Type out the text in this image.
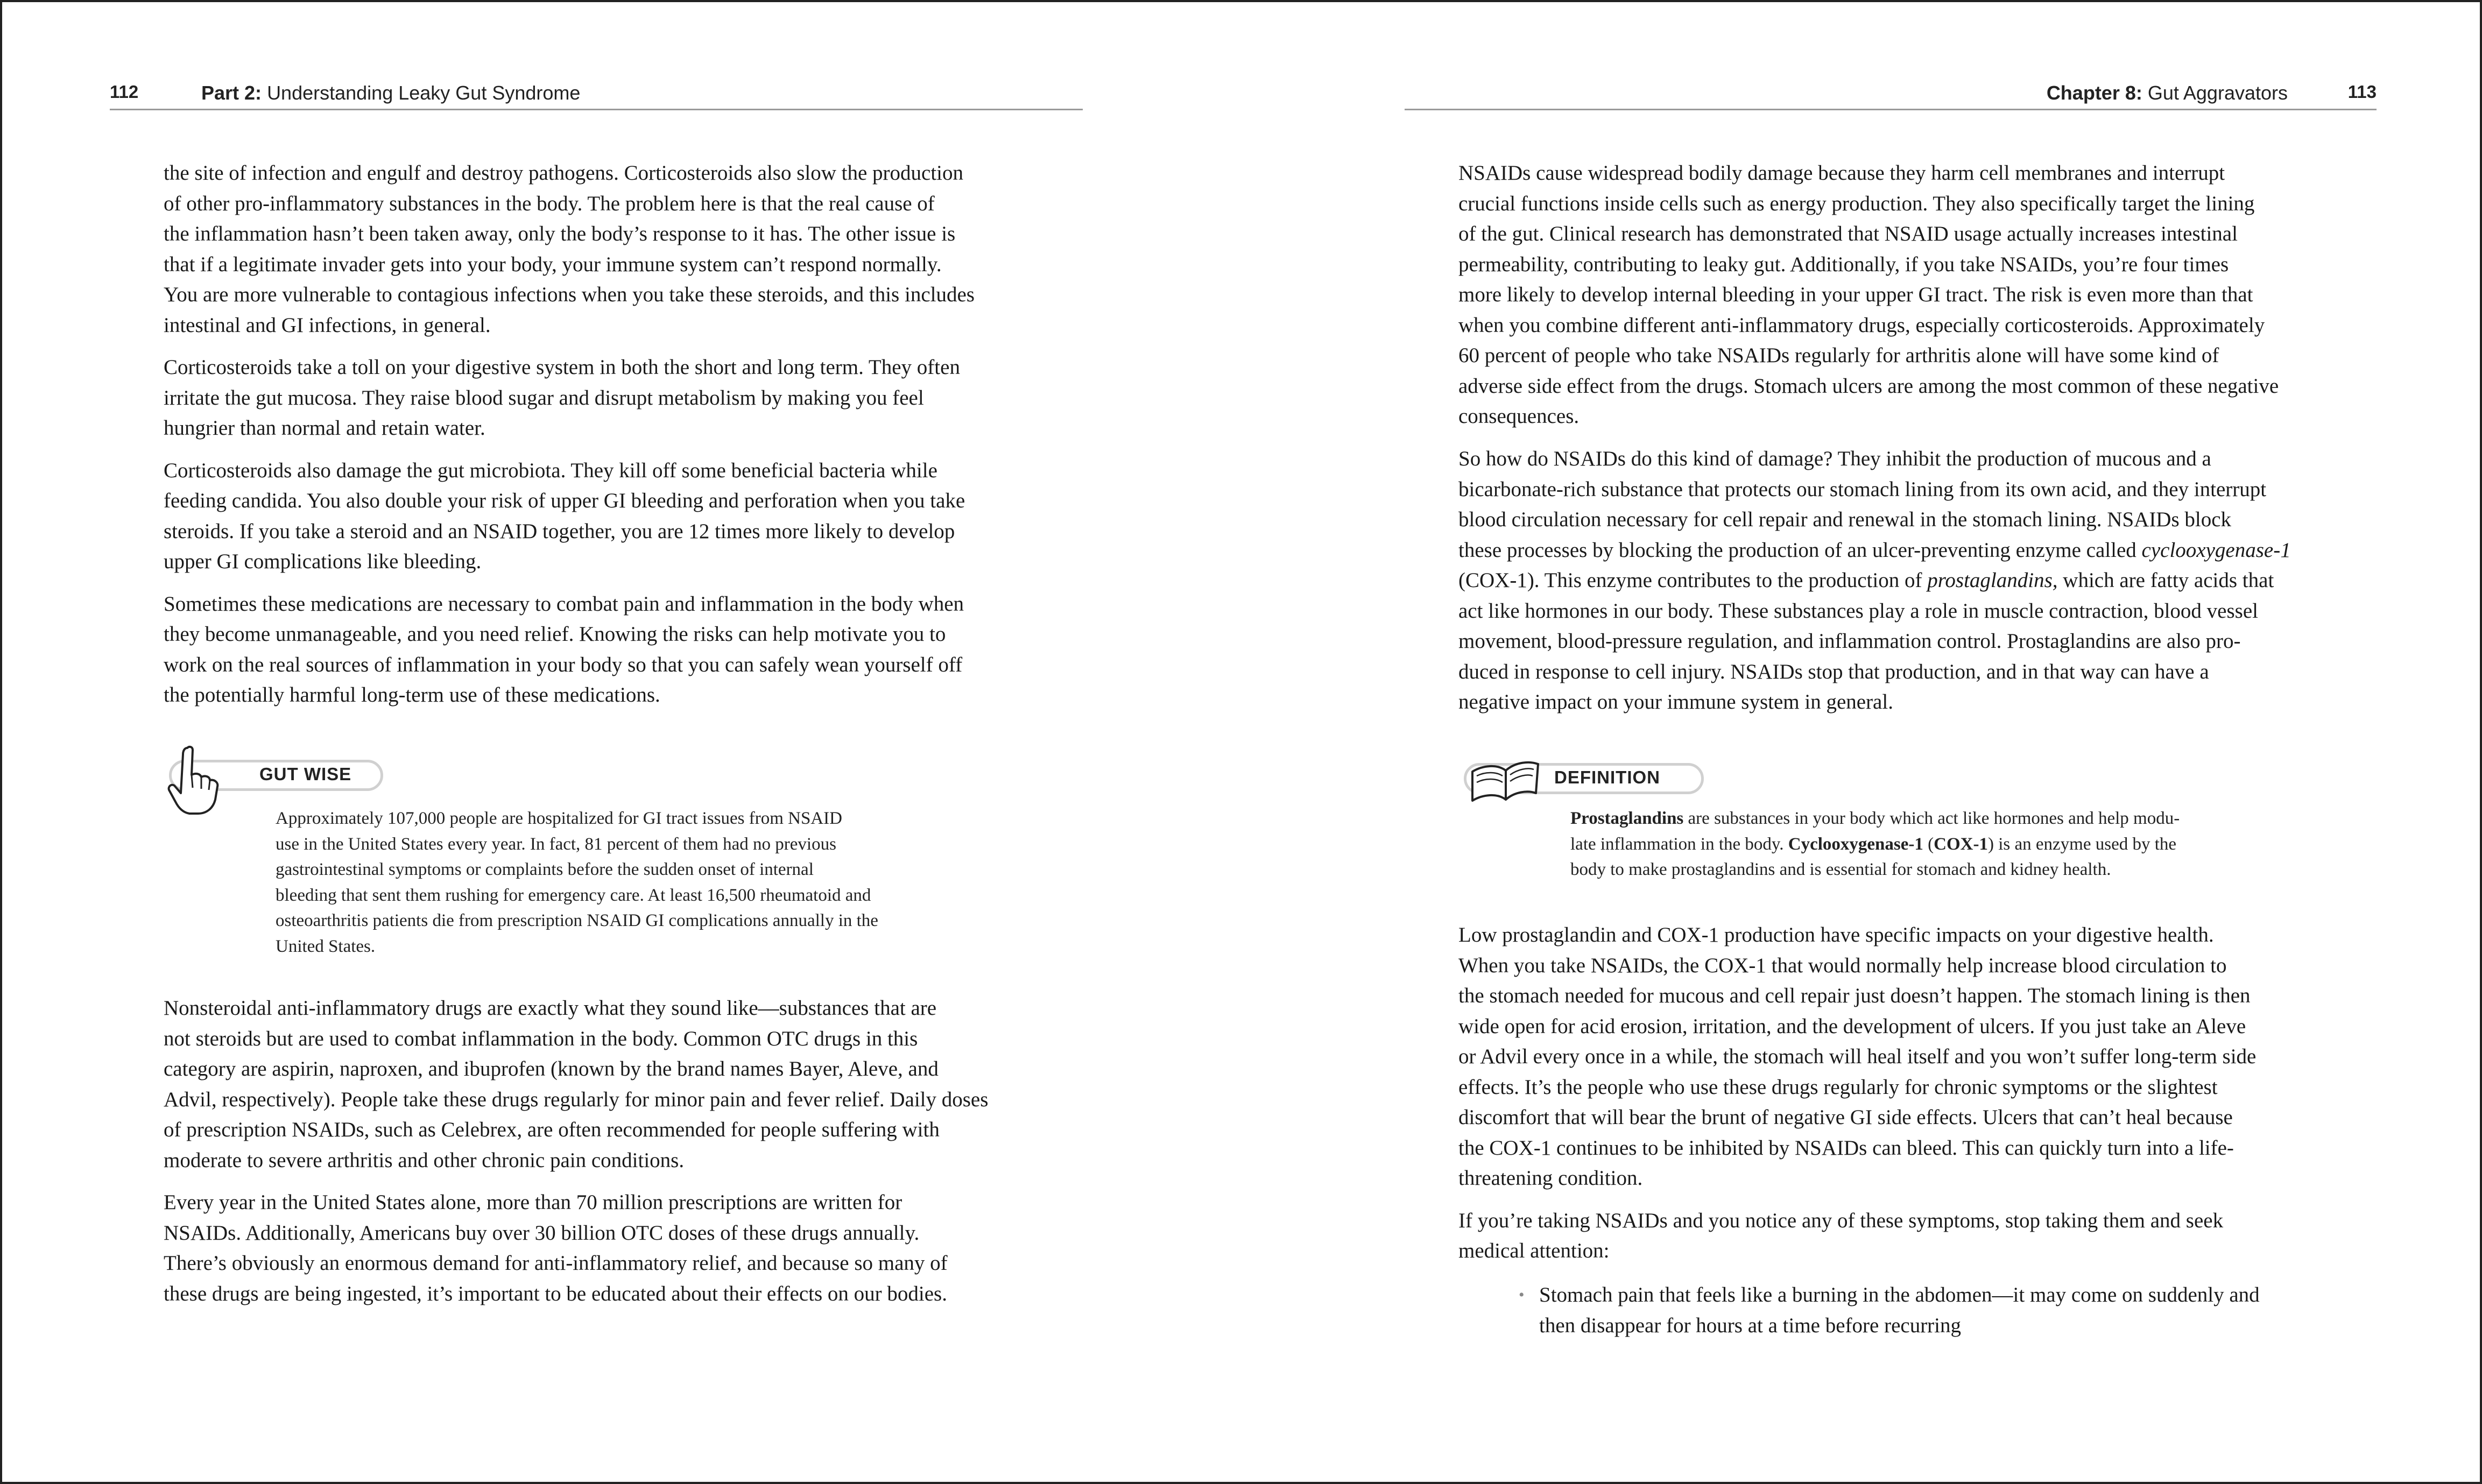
112	Part 2: Understanding Leaky Gut Syndrome

the site of infection and engulf and destroy pathogens. Corticosteroids also slow the production
of other pro-inflammatory substances in the body. The problem here is that the real cause of
the inflammation hasn’t been taken away, only the body’s response to it has. The other issue is
that if a legitimate invader gets into your body, your immune system can’t respond normally.
You are more vulnerable to contagious infections when you take these steroids, and this includes
intestinal and GI infections, in general.

Corticosteroids take a toll on your digestive system in both the short and long term. They often
irritate the gut mucosa. They raise blood sugar and disrupt metabolism by making you feel
hungrier than normal and retain water.

Corticosteroids also damage the gut microbiota. They kill off some beneficial bacteria while
feeding candida. You also double your risk of upper GI bleeding and perforation when you take
steroids. If you take a steroid and an NSAID together, you are 12 times more likely to develop
upper GI complications like bleeding.

Sometimes these medications are necessary to combat pain and inflammation in the body when
they become unmanageable, and you need relief. Knowing the risks can help motivate you to
work on the real sources of inflammation in your body so that you can safely wean yourself off
the potentially harmful long-term use of these medications.

GUT WISE
Approximately 107,000 people are hospitalized for GI tract issues from NSAID
use in the United States every year. In fact, 81 percent of them had no previous
gastrointestinal symptoms or complaints before the sudden onset of internal
bleeding that sent them rushing for emergency care. At least 16,500 rheumatoid and
osteoarthritis patients die from prescription NSAID GI complications annually in the
United States.

Nonsteroidal anti-inflammatory drugs are exactly what they sound like—substances that are
not steroids but are used to combat inflammation in the body. Common OTC drugs in this
category are aspirin, naproxen, and ibuprofen (known by the brand names Bayer, Aleve, and
Advil, respectively). People take these drugs regularly for minor pain and fever relief. Daily doses
of prescription NSAIDs, such as Celebrex, are often recommended for people suffering with
moderate to severe arthritis and other chronic pain conditions.

Every year in the United States alone, more than 70 million prescriptions are written for
NSAIDs. Additionally, Americans buy over 30 billion OTC doses of these drugs annually.
There’s obviously an enormous demand for anti-inflammatory relief, and because so many of
these drugs are being ingested, it’s important to be educated about their effects on our bodies.

Chapter 8: Gut Aggravators	113

NSAIDs cause widespread bodily damage because they harm cell membranes and interrupt
crucial functions inside cells such as energy production. They also specifically target the lining
of the gut. Clinical research has demonstrated that NSAID usage actually increases intestinal
permeability, contributing to leaky gut. Additionally, if you take NSAIDs, you’re four times
more likely to develop internal bleeding in your upper GI tract. The risk is even more than that
when you combine different anti-inflammatory drugs, especially corticosteroids. Approximately
60 percent of people who take NSAIDs regularly for arthritis alone will have some kind of
adverse side effect from the drugs. Stomach ulcers are among the most common of these negative
consequences.

So how do NSAIDs do this kind of damage? They inhibit the production of mucous and a
bicarbonate-rich substance that protects our stomach lining from its own acid, and they interrupt
blood circulation necessary for cell repair and renewal in the stomach lining. NSAIDs block
these processes by blocking the production of an ulcer-preventing enzyme called cyclooxygenase-1
(COX-1). This enzyme contributes to the production of prostaglandins, which are fatty acids that
act like hormones in our body. These substances play a role in muscle contraction, blood vessel
movement, blood-pressure regulation, and inflammation control. Prostaglandins are also pro-
duced in response to cell injury. NSAIDs stop that production, and in that way can have a
negative impact on your immune system in general.

DEFINITION
Prostaglandins are substances in your body which act like hormones and help modu-
late inflammation in the body. Cyclooxygenase-1 (COX-1) is an enzyme used by the
body to make prostaglandins and is essential for stomach and kidney health.

Low prostaglandin and COX-1 production have specific impacts on your digestive health.
When you take NSAIDs, the COX-1 that would normally help increase blood circulation to
the stomach needed for mucous and cell repair just doesn’t happen. The stomach lining is then
wide open for acid erosion, irritation, and the development of ulcers. If you just take an Aleve
or Advil every once in a while, the stomach will heal itself and you won’t suffer long-term side
effects. It’s the people who use these drugs regularly for chronic symptoms or the slightest
discomfort that will bear the brunt of negative GI side effects. Ulcers that can’t heal because
the COX-1 continues to be inhibited by NSAIDs can bleed. This can quickly turn into a life-
threatening condition.

If you’re taking NSAIDs and you notice any of these symptoms, stop taking them and seek
medical attention:

• Stomach pain that feels like a burning in the abdomen—it may come on suddenly and
then disappear for hours at a time before recurring
